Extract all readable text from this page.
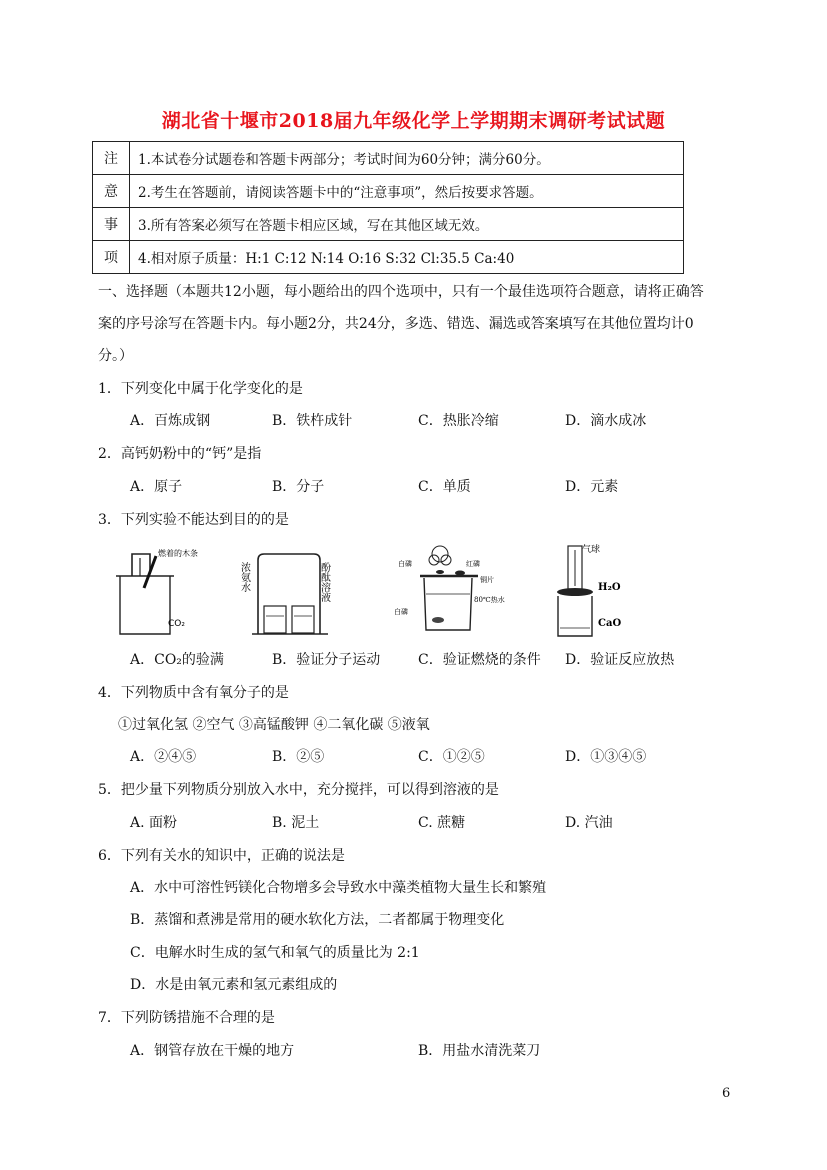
湖北省十堰市2018届九年级化学上学期期末调研考试试题
注	1.本试卷分试题卷和答题卡两部分；考试时间为60分钟；满分60分。
意	2.考生在答题前，请阅读答题卡中的“注意事项”，然后按要求答题。
事	3.所有答案必须写在答题卡相应区域，写在其他区域无效。
项	4.相对原子质量：H:1 C:12 N:14 O:16 S:32 Cl:35.5 Ca:40
一、选择题（本题共12小题，每小题给出的四个选项中，只有一个最佳选项符合题意，请将正确答
案的序号涂写在答题卡内。每小题2分，共24分，多选、错选、漏选或答案填写在其他位置均计0
分。）
1．下列变化中属于化学变化的是
A．百炼成钢	B．铁杵成针	C．热胀冷缩	D．滴水成冰
2．高钙奶粉中的“钙”是指
A．原子	B．分子	C．单质	D．元素
3．下列实验不能达到目的的是
燃着的木条
CO₂
浓氨水	酚酞溶液	白磷	红磷
铜片
80℃热水
白磷
气球
H₂O
CaO
A．CO₂的验满	B．验证分子运动	C．验证燃烧的条件 D．验证反应放热
4．下列物质中含有氧分子的是
①过氧化氢 ②空气 ③高锰酸钾 ④二氧化碳 ⑤液氧
A．②④⑤	B．②⑤	C．①②⑤	D．①③④⑤
5．把少量下列物质分别放入水中，充分搅拌，可以得到溶液的是
A. 面粉	B. 泥土	C. 蔗糖	D. 汽油
6．下列有关水的知识中，正确的说法是
A．水中可溶性钙镁化合物增多会导致水中藻类植物大量生长和繁殖
B．蒸馏和煮沸是常用的硬水软化方法，二者都属于物理变化
C．电解水时生成的氢气和氧气的质量比为 2:1
D．水是由氧元素和氢元素组成的
7．下列防锈措施不合理的是
A．钢管存放在干燥的地方	B．用盐水清洗菜刀
6
